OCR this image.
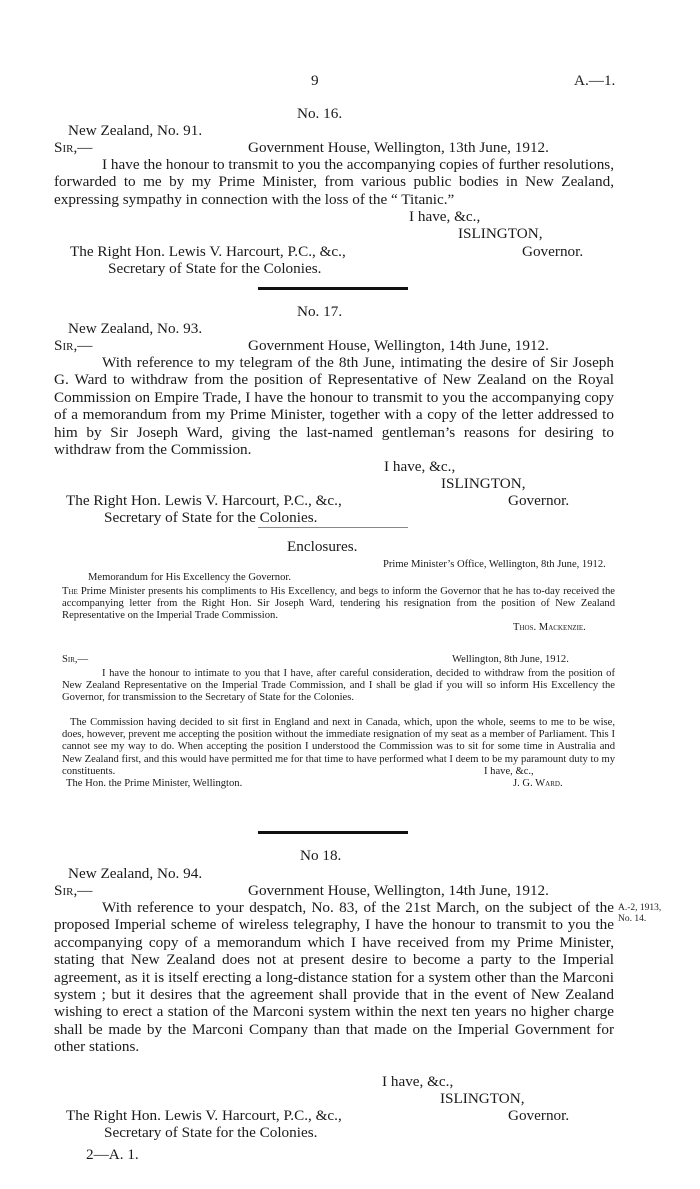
9	A.—1.
No. 16.
New Zealand, No. 91.
Sir,—	Government House, Wellington, 13th June, 1912.
I have the honour to transmit to you the accompanying copies of further resolutions, forwarded to me by my Prime Minister, from various public bodies in New Zealand, expressing sympathy in connection with the loss of the “ Titanic.”
I have, &c.,
ISLINGTON,
The Right Hon. Lewis V. Harcourt, P.C., &c.,	Governor.
Secretary of State for the Colonies.
No. 17.
New Zealand, No. 93.
Sir,—	Government House, Wellington, 14th June, 1912.
With reference to my telegram of the 8th June, intimating the desire of Sir Joseph G. Ward to withdraw from the position of Representative of New Zealand on the Royal Commission on Empire Trade, I have the honour to transmit to you the accompanying copy of a memorandum from my Prime Minister, together with a copy of the letter addressed to him by Sir Joseph Ward, giving the last-named gentleman’s reasons for desiring to withdraw from the Commission.
I have, &c.,
ISLINGTON,
The Right Hon. Lewis V. Harcourt, P.C., &c.,	Governor.
Secretary of State for the Colonies.
Enclosures.
Prime Minister’s Office, Wellington, 8th June, 1912.
Memorandum for His Excellency the Governor.
The Prime Minister presents his compliments to His Excellency, and begs to inform the Governor that he has to-day received the accompanying letter from the Right Hon. Sir Joseph Ward, tendering his resignation from the position of New Zealand Representative on the Imperial Trade Commission.
Thos. Mackenzie.
Sir,—	Wellington, 8th June, 1912.
I have the honour to intimate to you that I have, after careful consideration, decided to withdraw from the position of New Zealand Representative on the Imperial Trade Commission, and I shall be glad if you will so inform His Excellency the Governor, for transmission to the Secretary of State for the Colonies.
The Commission having decided to sit first in England and next in Canada, which, upon the whole, seems to me to be wise, does, however, prevent me accepting the position without the immediate resignation of my seat as a member of Parliament. This I cannot see my way to do. When accepting the position I understood the Commission was to sit for some time in Australia and New Zealand first, and this would have permitted me for that time to have performed what I deem to be my paramount duty to my constituents.	I have, &c.,
The Hon. the Prime Minister, Wellington.	J. G. Ward.
No 18.
New Zealand, No. 94.
Sir,—	Government House, Wellington, 14th June, 1912.
With reference to your despatch, No. 83, of the 21st March, on the subject of the proposed Imperial scheme of wireless telegraphy, I have the honour to transmit to you the accompanying copy of a memorandum which I have received from my Prime Minister, stating that New Zealand does not at present desire to become a party to the Imperial agreement, as it is itself erecting a long-distance station for a system other than the Marconi system ; but it desires that the agreement shall provide that in the event of New Zealand wishing to erect a station of the Marconi system within the next ten years no higher charge shall be made by the Marconi Company than that made on the Imperial Government for other stations.
A.-2, 1913,
No. 14.
I have, &c.,
ISLINGTON,
The Right Hon. Lewis V. Harcourt, P.C., &c.,	Governor.
Secretary of State for the Colonies.
2—A. 1.
